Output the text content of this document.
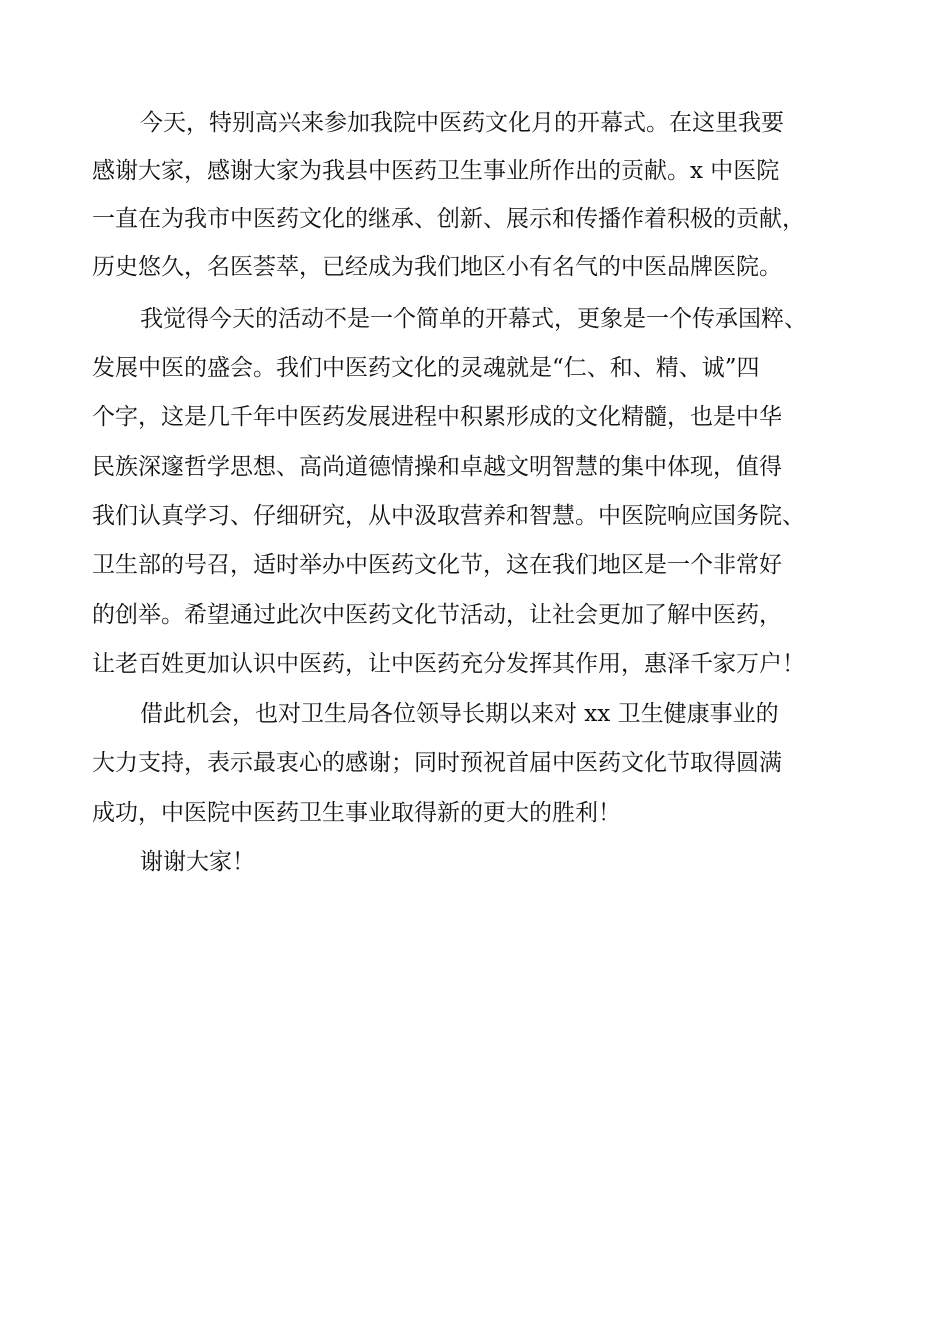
今天，特别高兴来参加我院中医药文化月的开幕式。在这里我要
感谢大家，感谢大家为我县中医药卫生事业所作出的贡献。x 中医院
一直在为我市中医药文化的继承、创新、展示和传播作着积极的贡献，
历史悠久，名医荟萃，已经成为我们地区小有名气的中医品牌医院。
我觉得今天的活动不是一个简单的开幕式，更象是一个传承国粹、
发展中医的盛会。我们中医药文化的灵魂就是“仁、和、精、诚”四
个字，这是几千年中医药发展进程中积累形成的文化精髓，也是中华
民族深邃哲学思想、高尚道德情操和卓越文明智慧的集中体现，值得
我们认真学习、仔细研究，从中汲取营养和智慧。中医院响应国务院、
卫生部的号召，适时举办中医药文化节，这在我们地区是一个非常好
的创举。希望通过此次中医药文化节活动，让社会更加了解中医药，
让老百姓更加认识中医药，让中医药充分发挥其作用，惠泽千家万户！
借此机会，也对卫生局各位领导长期以来对 xx 卫生健康事业的
大力支持，表示最衷心的感谢；同时预祝首届中医药文化节取得圆满
成功，中医院中医药卫生事业取得新的更大的胜利！
谢谢大家！
